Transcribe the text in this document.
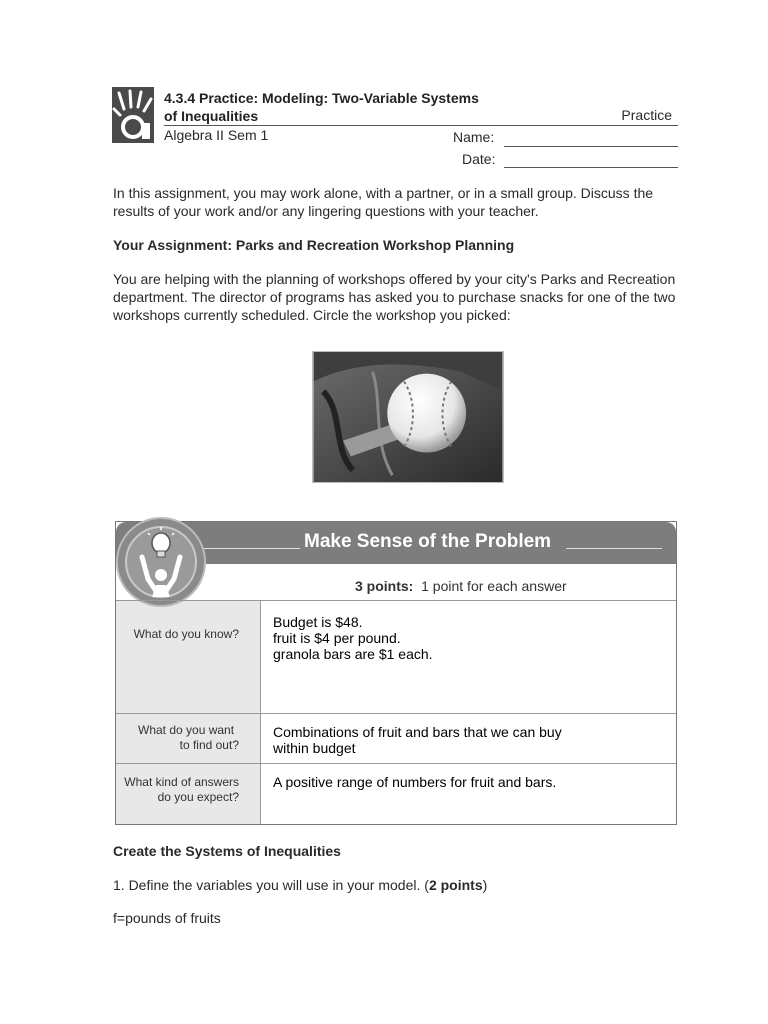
4.3.4 Practice: Modeling: Two-Variable Systems
of Inequalities	Practice
Algebra II Sem 1	Name:
Date:
In this assignment, you may work alone, with a partner, or in a small group. Discuss the results of your work and/or any lingering questions with your teacher.
Your Assignment: Parks and Recreation Workshop Planning
You are helping with the planning of workshops offered by your city's Parks and Recreation department. The director of programs has asked you to purchase snacks for one of the two workshops currently scheduled. Circle the workshop you picked:
Make Sense of the Problem
3 points: 1 point for each answer
What do you know?
What do you want
to find out?
What kind of answers
do you expect?
Budget is $48.
fruit is $4 per pound.
granola bars are $1 each.
Combinations of fruit and bars that we can buy
within budget
A positive range of numbers for fruit and bars.
Create the Systems of Inequalities
1. Define the variables you will use in your model. (2 points)
f=pounds of fruits
